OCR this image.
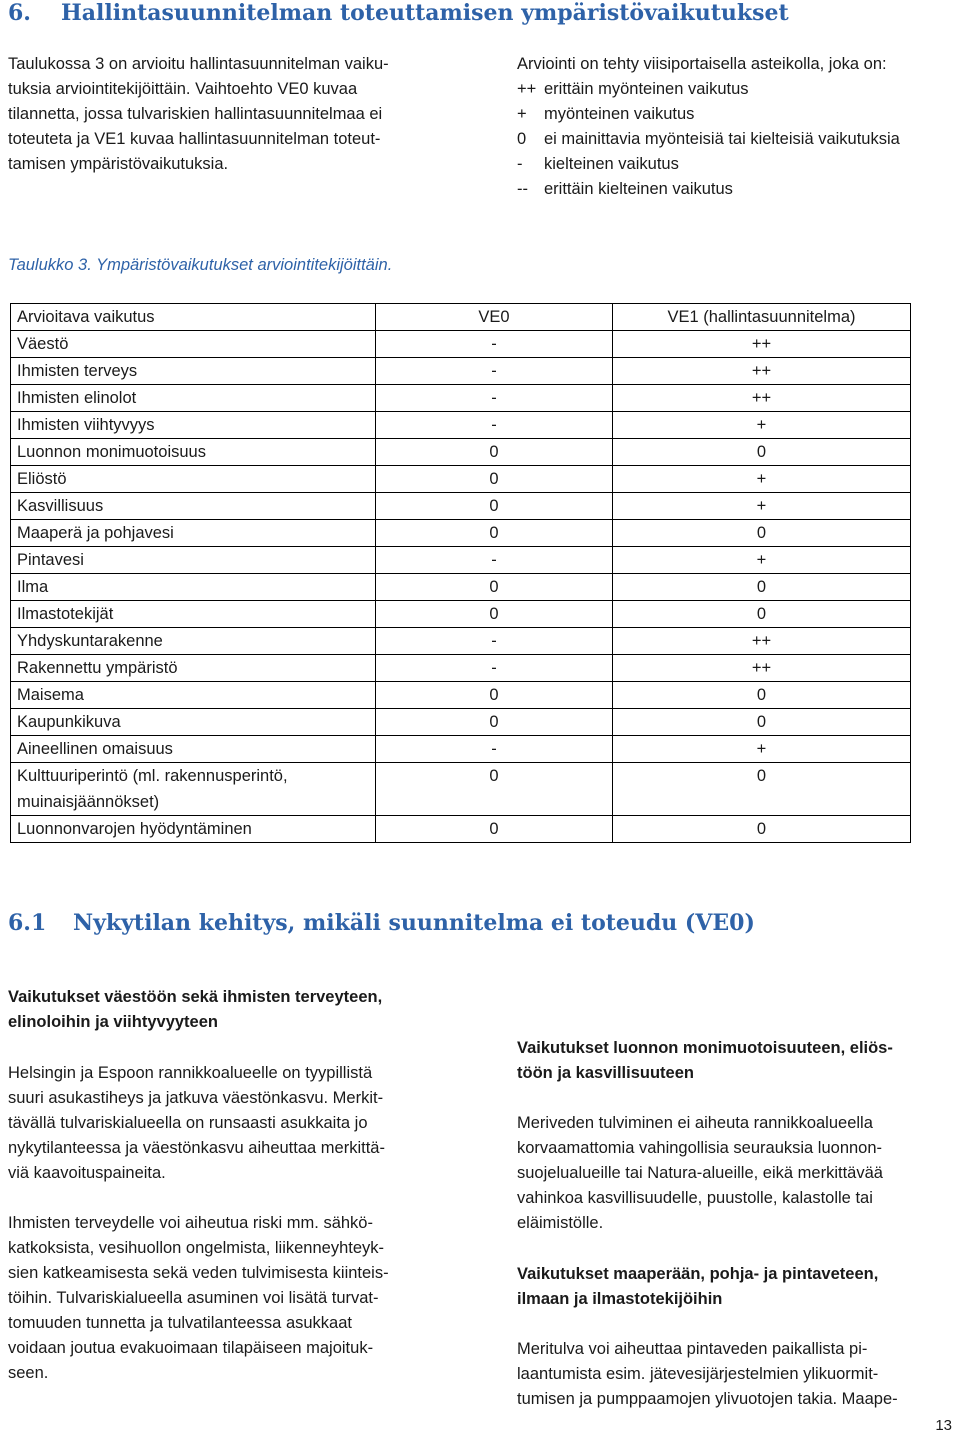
6. Hallintasuunnitelman toteuttamisen ympäristövaikutukset

Taulukossa 3 on arvioitu hallintasuunnitelman vaiku-
tuksia arviointitekijöittäin. Vaihtoehto VE0 kuvaa
tilannetta, jossa tulvariskien hallintasuunnitelmaa ei
toteuteta ja VE1 kuvaa hallintasuunnitelman toteut-
tamisen ympäristövaikutuksia.

Arviointi on tehty viisiportaisella asteikolla, joka on:
++ erittäin myönteinen vaikutus
+	myönteinen vaikutus
0	ei mainittavia myönteisiä tai kielteisiä vaikutuksia
-	kielteinen vaikutus
-- erittäin kielteinen vaikutus

Taulukko 3. Ympäristövaikutukset arviointitekijöittäin.

Arvioitava vaikutus	VE0	VE1 (hallintasuunnitelma)
Väestö	-	++
Ihmisten terveys	-	++
Ihmisten elinolot	-	++
Ihmisten viihtyvyys	-	+
Luonnon monimuotoisuus	0	0
Eliöstö	0	+
Kasvillisuus	0	+
Maaperä ja pohjavesi	0	0
Pintavesi	-	+
Ilma	0	0
Ilmastotekijät	0	0
Yhdyskuntarakenne	-	++
Rakennettu ympäristö	-	++
Maisema	0	0
Kaupunkikuva	0	0
Aineellinen omaisuus	-	+
Kulttuuriperintö (ml. rakennusperintö, muinaisjäännökset)	0	0
Luonnonvarojen hyödyntäminen	0	0
6.1 Nykytilan kehitys, mikäli suunnitelma ei toteudu (VE0)

Vaikutukset väestöön sekä ihmisten terveyteen,
elinoloihin ja viihtyvyyteen

Helsingin ja Espoon rannikkoalueelle on tyypillistä
suuri asukastiheys ja jatkuva väestönkasvu. Merkit-
tävällä tulvariskialueella on runsaasti asukkaita jo
nykytilanteessa ja väestönkasvu aiheuttaa merkittä-
viä kaavoituspaineita.

Ihmisten terveydelle voi aiheutua riski mm. sähkö-
katkoksista, vesihuollon ongelmista, liikenneyhteyk-
sien katkeamisesta sekä veden tulvimisesta kiinteis-
töihin. Tulvariskialueella asuminen voi lisätä turvat-
tomuuden tunnetta ja tulvatilanteessa asukkaat
voidaan joutua evakuoimaan tilapäiseen majoituk-
seen.

Vaikutukset luonnon monimuotoisuuteen, eliös-
töön ja kasvillisuuteen

Meriveden tulviminen ei aiheuta rannikkoalueella
korvaamattomia vahingollisia seurauksia luonnon-
suojelualueille tai Natura-alueille, eikä merkittävää
vahinkoa kasvillisuudelle, puustolle, kalastolle tai
eläimistölle.

Vaikutukset maaperään, pohja- ja pintaveteen,
ilmaan ja ilmastotekijöihin

Meritulva voi aiheuttaa pintaveden paikallista pi-
laantumista esim. jätevesijärjestelmien ylikuormit-
tumisen ja pumppaamojen ylivuotojen takia. Maape-

13
